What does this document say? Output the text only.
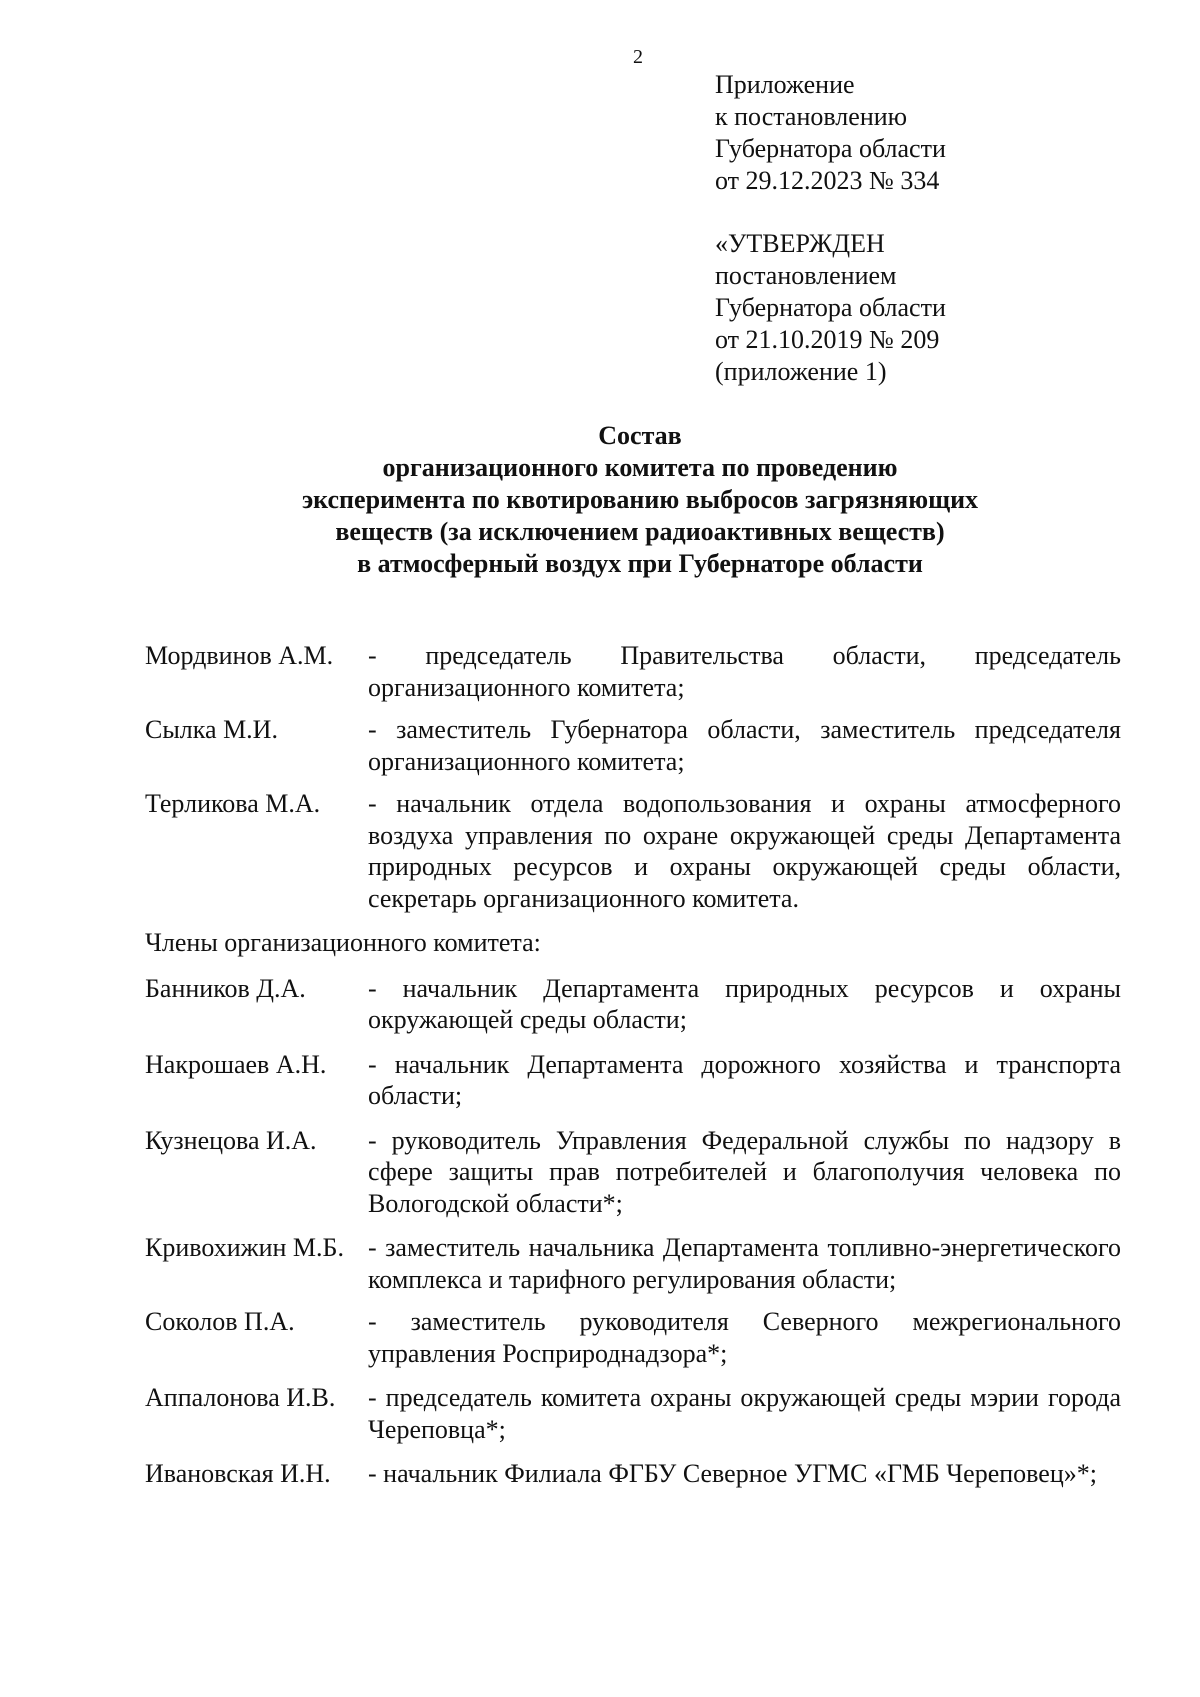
2
Приложение
к постановлению
Губернатора области
от 29.12.2023 № 334
«УТВЕРЖДЕН
постановлением
Губернатора области
от 21.10.2019 № 209
(приложение 1)
Состав
организационного комитета по проведению
эксперимента по квотированию выбросов загрязняющих
веществ (за исключением радиоактивных веществ)
в атмосферный воздух при Губернаторе области
Мордвинов А.М.	- председатель Правительства области, председатель организационного комитета;
Сылка М.И.	- заместитель Губернатора области, заместитель председателя организационного комитета;
Терликова М.А.	- начальник отдела водопользования и охраны атмосферного воздуха управления по охране окружающей среды Департамента природных ресурсов и охраны окружающей среды области, секретарь организационного комитета.
Члены организационного комитета:
Банников Д.А.	- начальник Департамента природных ресурсов и охраны окружающей среды области;
Накрошаев А.Н.	- начальник Департамента дорожного хозяйства и транспорта области;
Кузнецова И.А.	- руководитель Управления Федеральной службы по надзору в сфере защиты прав потребителей и благополучия человека по Вологодской области*;
Кривохижин М.Б. - заместитель начальника Департамента топливно-энергетического комплекса и тарифного регулирования области;
Соколов П.А.	- заместитель руководителя Северного межрегионального управления Росприроднадзора*;
Аппалонова И.В.	- председатель комитета охраны окружающей среды мэрии города Череповца*;
Ивановская И.Н.	- начальник Филиала ФГБУ Северное УГМС «ГМБ Череповец»*;
